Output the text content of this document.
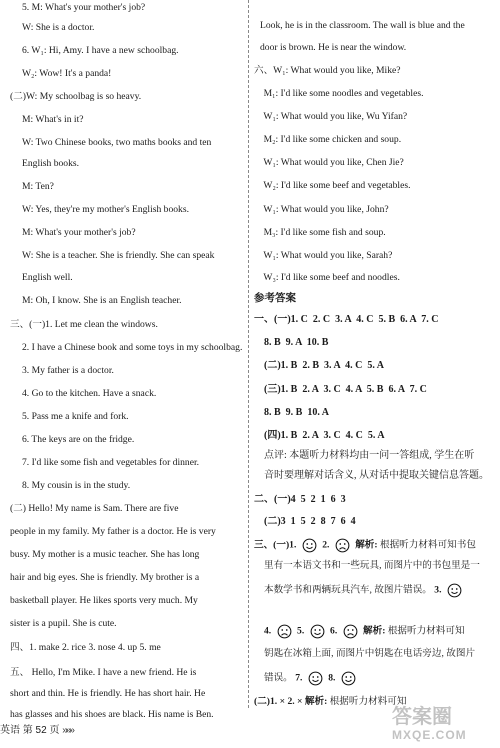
5. M: What's your mother's job?
W: She is a doctor.
6. W₁: Hi, Amy. I have a new schoolbag.
W₂: Wow! It's a panda!
(二)W: My schoolbag is so heavy.
M: What's in it?
W: Two Chinese books, two maths books and ten
English books.
M: Ten?
W: Yes, they're my mother's English books.
M: What's your mother's job?
W: She is a teacher. She is friendly. She can speak
English well.
M: Oh, I know. She is an English teacher.
三、(一)1. Let me clean the windows.
2. I have a Chinese book and some toys in my schoolbag.
3. My father is a doctor.
4. Go to the kitchen. Have a snack.
5. Pass me a knife and fork.
6. The keys are on the fridge.
7. I'd like some fish and vegetables for dinner.
8. My cousin is in the study.
(二) Hello! My name is Sam. There are five
people in my family. My father is a doctor. He is very
busy. My mother is a music teacher. She has long
hair and big eyes. She is friendly. My brother is a
basketball player. He likes sports very much. My
sister is a pupil. She is cute.
四、1. make 2. rice 3. nose 4. up 5. me
五、 Hello, I'm Mike. I have a new friend. He is
short and thin. He is friendly. He has short hair. He
has glasses and his shoes are black. His name is Ben.
参考答案
一、(一)1. C  2. C  3. A  4. C  5. B  6. A  7. C
8. B  9. A  10. B
(二)1. B  2. B  3. A  4. C  5. A
(三)1. B  2. A  3. C  4. A  5. B  6. A  7. C
8. B  9. B  10. A
(四)1. B  2. A  3. C  4. C  5. A
点评: 本题听力材料均由一问一答组成, 学生在听
音时要理解对话含义, 从对话中提取关键信息答题。
二、(一)4  5  2  1  6  3
(二)3  1  5  2  8  7  6  4
三、(一)1.	2.	解析: 根据听力材料可知书包
里有一本语文书和一些玩具, 而图片中的书包里是一
本数学书和两辆玩具汽车, 故图片错误。 3.
4.	5.	6.	解析: 根据听力材料可知
钥匙在冰箱上面, 而图片中钥匙在电话旁边, 故图片
错误。 7.	8.
(二)1. × 2. × 解析: 根据听力材料可知
Look, he is in the classroom. The wall is blue and the
door is brown. He is near the window.
六、W₁: What would you like, Mike?
M₁: I'd like some noodles and vegetables.
W₁: What would you like, Wu Yifan?
M₂: I'd like some chicken and soup.
W₁: What would you like, Chen Jie?
W₂: I'd like some beef and vegetables.
W₁: What would you like, John?
M₃: I'd like some fish and soup.
W₁: What would you like, Sarah?
W₃: I'd like some beef and noodles.
英语 第 52 页 »»»
答案圈
MXQE.COM
